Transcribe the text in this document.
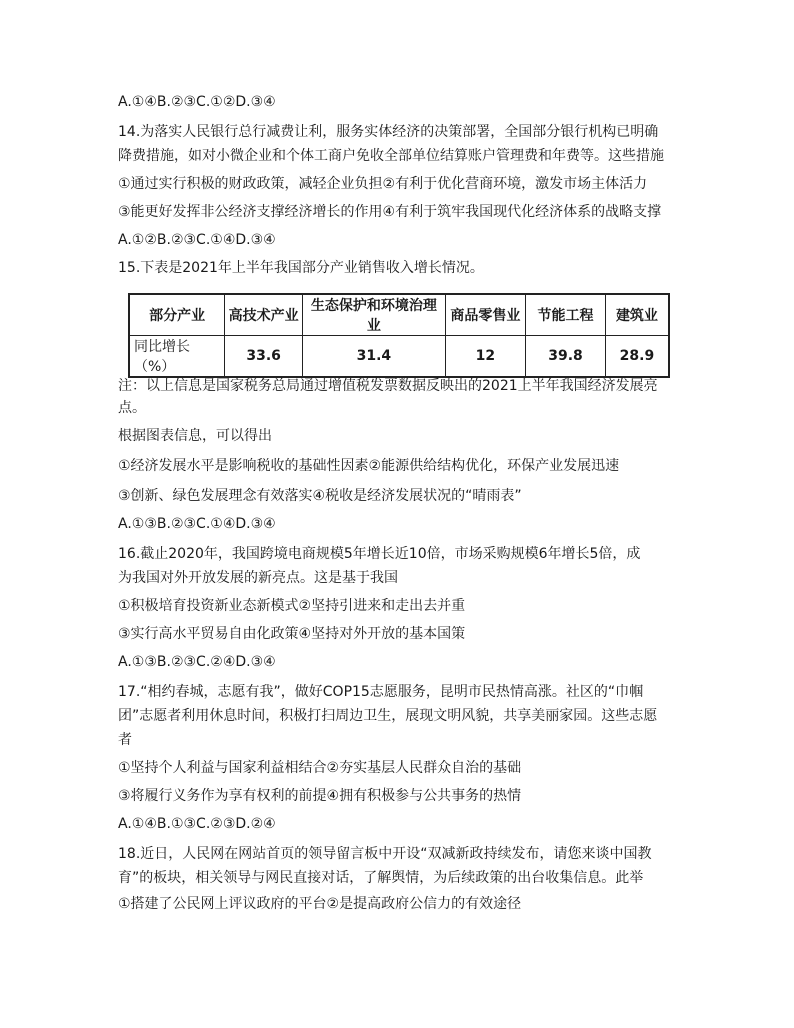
A.①④B.②③C.①②D.③④
14.为落实人民银行总行减费让利，服务实体经济的决策部署，全国部分银行机构已明确
降费措施，如对小微企业和个体工商户免收全部单位结算账户管理费和年费等。这些措施
①通过实行积极的财政政策，减轻企业负担②有利于优化营商环境，激发市场主体活力
③能更好发挥非公经济支撑经济增长的作用④有利于筑牢我国现代化经济体系的战略支撑
A.①②B.②③C.①④D.③④
15.下表是2021年上半年我国部分产业销售收入增长情况。
部分产业	高技术产业	生态保护和环境治理业	商品零售业	节能工程	建筑业
同比增长（%）	33.6	31.4	12	39.8	28.9
注：以上信息是国家税务总局通过增值税发票数据反映出的2021上半年我国经济发展亮
点。
根据图表信息，可以得出
①经济发展水平是影响税收的基础性因素②能源供给结构优化，环保产业发展迅速
③创新、绿色发展理念有效落实④税收是经济发展状况的“晴雨表”
A.①③B.②③C.①④D.③④
16.截止2020年，我国跨境电商规模5年增长近10倍，市场采购规模6年增长5倍，成
为我国对外开放发展的新亮点。这是基于我国
①积极培育投资新业态新模式②坚持引进来和走出去并重
③实行高水平贸易自由化政策④坚持对外开放的基本国策
A.①③B.②③C.②④D.③④
17.“相约春城，志愿有我”，做好COP15志愿服务，昆明市民热情高涨。社区的“巾帼
团”志愿者利用休息时间，积极打扫周边卫生，展现文明风貌，共享美丽家园。这些志愿
者
①坚持个人利益与国家利益相结合②夯实基层人民群众自治的基础
③将履行义务作为享有权利的前提④拥有积极参与公共事务的热情
A.①④B.①③C.②③D.②④
18.近日，人民网在网站首页的领导留言板中开设“双减新政持续发布，请您来谈中国教
育”的板块，相关领导与网民直接对话，了解舆情，为后续政策的出台收集信息。此举
①搭建了公民网上评议政府的平台②是提高政府公信力的有效途径
